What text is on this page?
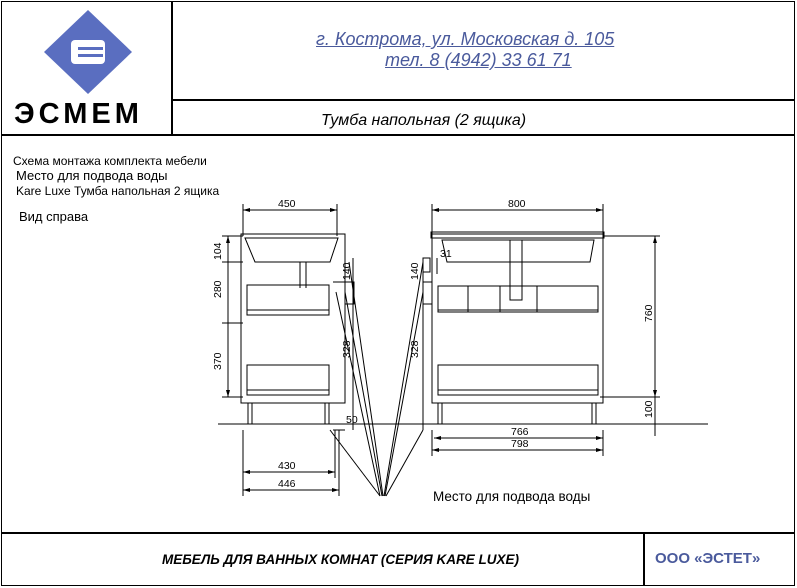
ЭСМЕМ
г. Кострома, ул. Московская д. 105
тел. 8 (4942) 33 61 71
Тумба напольная (2 ящика)
Схема монтажа комплекта мебели
Место для подвода воды
Kare Luxe Тумба напольная 2 ящика
Вид справа
Место для подвода воды
450
104
280
370
140
328
50
430
446
800
31
140
328
760
100
766
798
МЕБЕЛЬ ДЛЯ ВАННЫХ КОМНАТ (СЕРИЯ KARE LUXE)	ООО «ЭСТЕТ»
